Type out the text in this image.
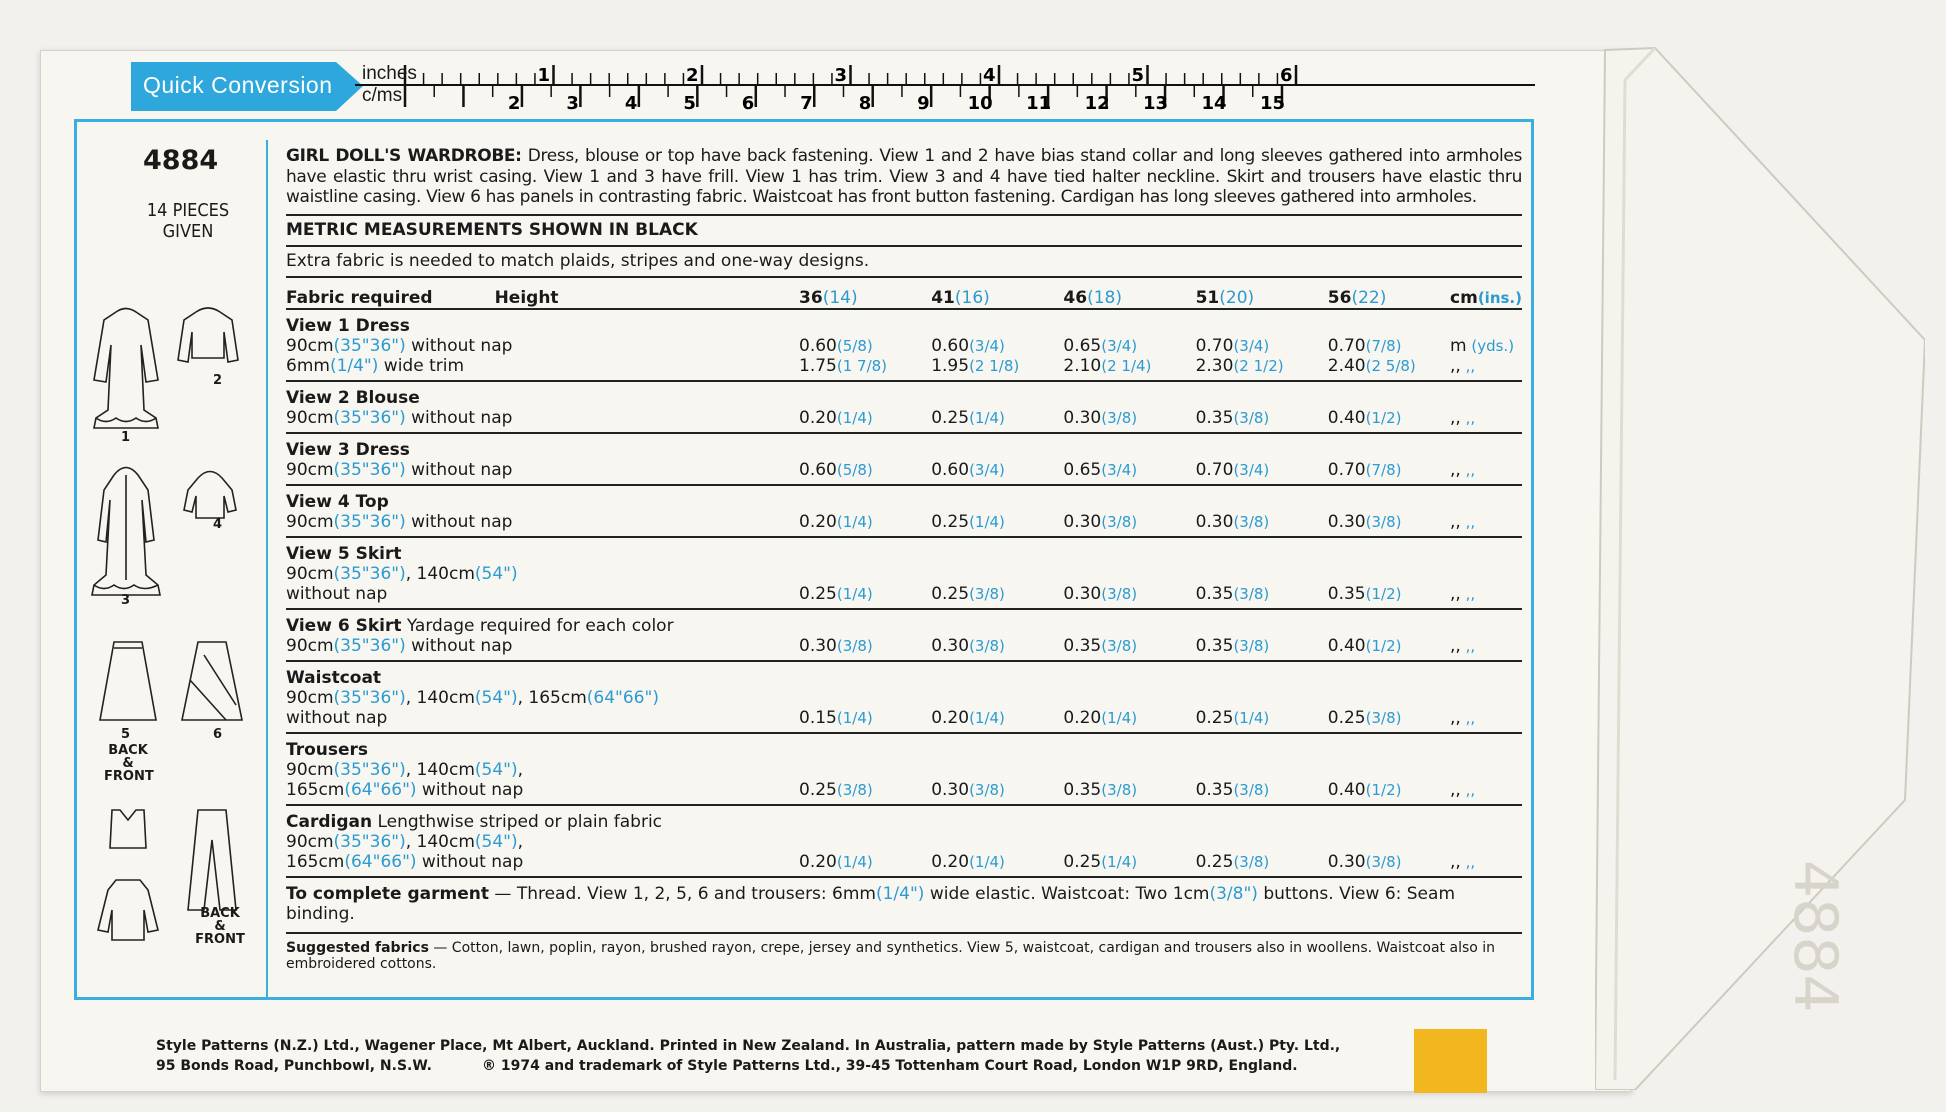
4884
Quick Conversion	1	2	3	4	5	6
2	3	4	5	6	7	8	9 10 11 12 13 14 15
inches
c/ms
4884
14 PIECES
GIVEN
1
2
3
4
5	6
BACK
&
FRONT
BACK
&
FRONT
GIRL DOLL'S WARDROBE: Dress, blouse or top have back fastening. View 1 and 2 have bias stand collar and long sleeves gathered into armholes have elastic thru wrist casing. View 1 and 3 have frill. View 1 has trim. View 3 and 4 have tied halter neckline. Skirt and trousers have elastic thru waistline casing. View 6 has panels in contrasting fabric. Waistcoat has front button fastening. Cardigan has long sleeves gathered into armholes.
METRIC MEASUREMENTS SHOWN IN BLACK
Extra fabric is needed to match plaids, stripes and one-way designs.
Fabric required Height	36(14)	41(16)	46(18)	51(20)	56(22)	cm(ins.)
View 1 Dress						
90cm(35"36") without nap	0.60(5/8)	0.60(3/4)	0.65(3/4)	0.70(3/4)	0.70(7/8)	m (yds.)
6mm(1/4") wide trim	1.75(1 7/8)	1.95(2 1/8)	2.10(2 1/4)	2.30(2 1/2)	2.40(2 5/8)	,, ,,
View 2 Blouse						
90cm(35"36") without nap	0.20(1/4)	0.25(1/4)	0.30(3/8)	0.35(3/8)	0.40(1/2)	,, ,,
View 3 Dress						
90cm(35"36") without nap	0.60(5/8)	0.60(3/4)	0.65(3/4)	0.70(3/4)	0.70(7/8)	,, ,,
View 4 Top						
90cm(35"36") without nap	0.20(1/4)	0.25(1/4)	0.30(3/8)	0.30(3/8)	0.30(3/8)	,, ,,
View 5 Skirt						
90cm(35"36"), 140cm(54")						
without nap	0.25(1/4)	0.25(3/8)	0.30(3/8)	0.35(3/8)	0.35(1/2)	,, ,,
View 6 Skirt Yardage required for each color						
90cm(35"36") without nap	0.30(3/8)	0.30(3/8)	0.35(3/8)	0.35(3/8)	0.40(1/2)	,, ,,
Waistcoat						
90cm(35"36"), 140cm(54"), 165cm(64"66")						
without nap	0.15(1/4)	0.20(1/4)	0.20(1/4)	0.25(1/4)	0.25(3/8)	,, ,,
Trousers						
90cm(35"36"), 140cm(54"),						
165cm(64"66") without nap	0.25(3/8)	0.30(3/8)	0.35(3/8)	0.35(3/8)	0.40(1/2)	,, ,,
Cardigan Lengthwise striped or plain fabric						
90cm(35"36"), 140cm(54"),						
165cm(64"66") without nap	0.20(1/4)	0.20(1/4)	0.25(1/4)	0.25(3/8)	0.30(3/8)	,, ,,
To complete garment — Thread. View 1, 2, 5, 6 and trousers: 6mm(1/4") wide elastic. Waistcoat: Two 1cm(3/8") buttons. View 6: Seam binding.
Suggested fabrics — Cotton, lawn, poplin, rayon, brushed rayon, crepe, jersey and synthetics. View 5, waistcoat, cardigan and trousers also in woollens. Waistcoat also in embroidered cottons.
Style Patterns (N.Z.) Ltd., Wagener Place, Mt Albert, Auckland. Printed in New Zealand. In Australia, pattern made by Style Patterns (Aust.) Pty. Ltd.,
95 Bonds Road, Punchbowl, N.S.W.	® 1974 and trademark of Style Patterns Ltd., 39-45 Tottenham Court Road, London W1P 9RD, England.
